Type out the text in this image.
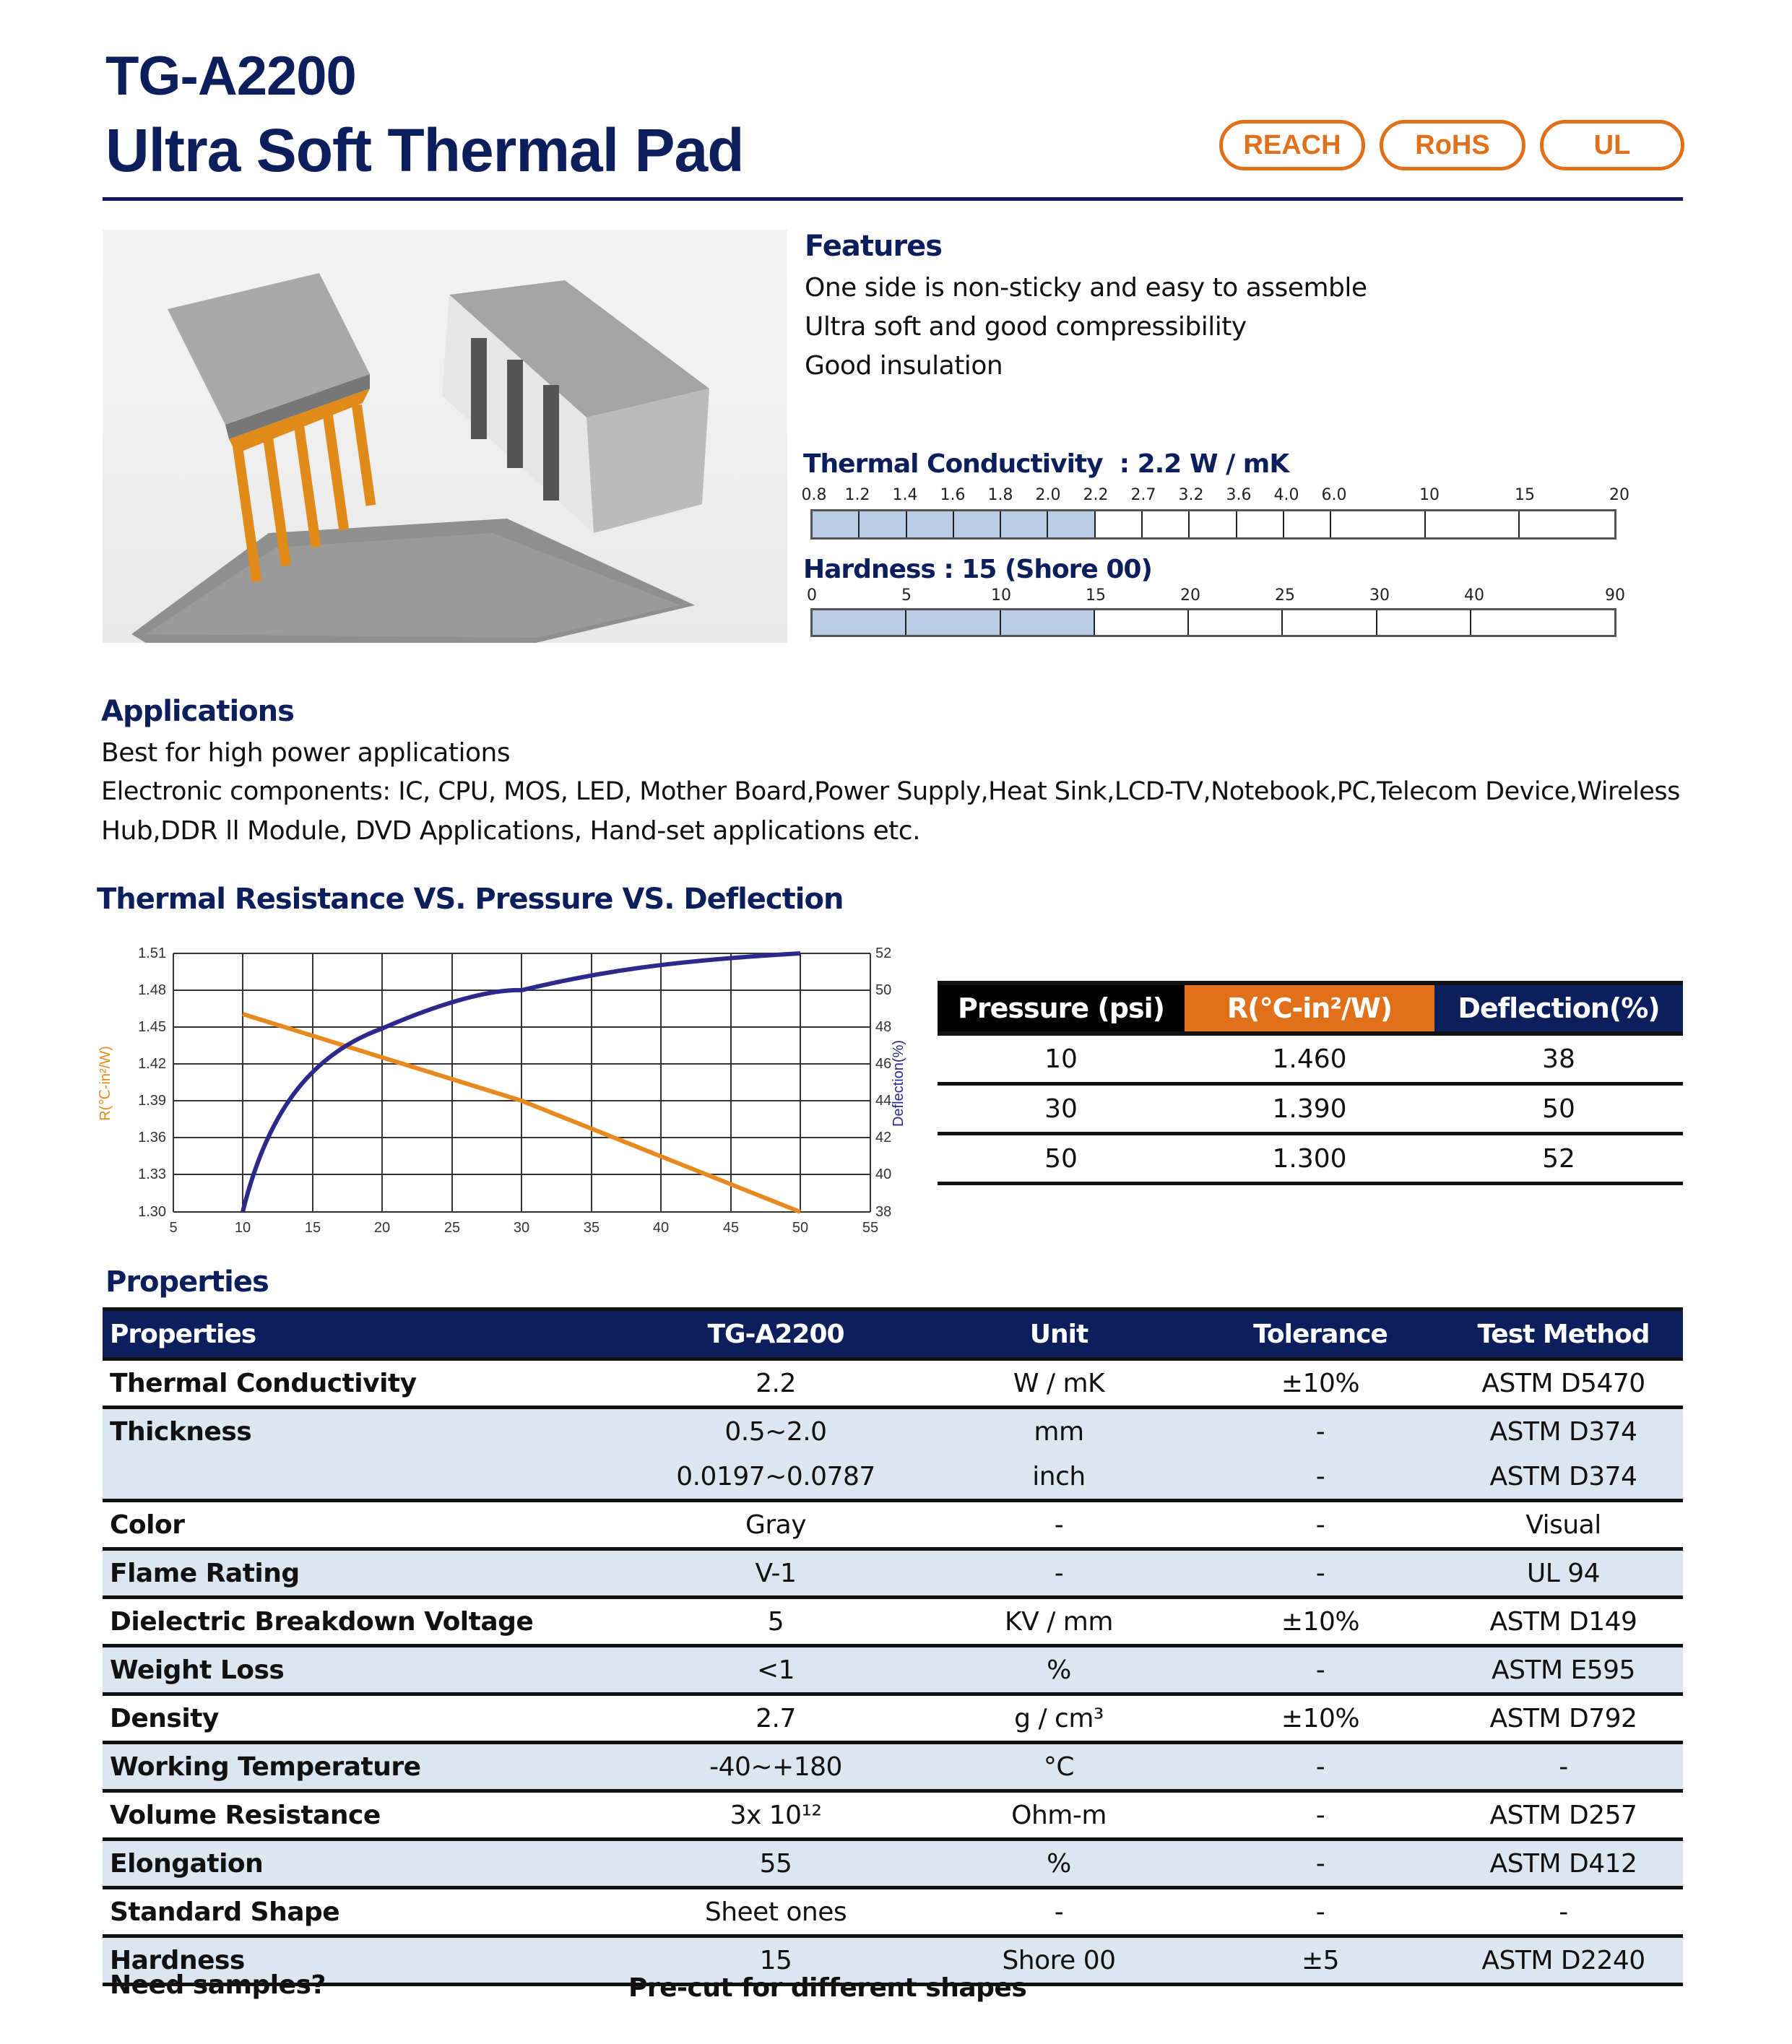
TG-A2200
Ultra Soft Thermal Pad	REACH	RoHS	UL
Features
One side is non-sticky and easy to assemble
Ultra soft and good compressibility
Good insulation
Thermal Conductivity  : 2.2 W / mK
0.8 1.2 1.4 1.6 1.8 2.0 2.2 2.7 3.2 3.6 4.0 6.0	10	15	20
Hardness : 15 (Shore 00)
0	5	10	15	20	25	30	40	90
Applications
Best for high power applications
Electronic components: IC, CPU, MOS, LED, Mother Board,Power Supply,Heat Sink,LCD-TV,Notebook,PC,Telecom Device,Wireless
Hub,DDR ll Module, DVD Applications, Hand-set applications etc.
Thermal Resistance VS. Pressure VS. Deflection
1.51
1.48
1.45
1.42
1.39
1.36
1.33
1.30
52
50
48
46
44
42
40
38
5	10	15	20	25	30	35	40	45	50	55
R(℃-in²/W)	Deflection(%)
Pressure (psi)	R(℃-in²/W)	Deflection(%)
10	1.460	38
30	1.390	50
50	1.300	52
Properties
Properties	TG-A2200	Unit	Tolerance	Test Method
Thermal Conductivity	2.2	W / mK	±10%	ASTM D5470
Thickness	0.5~2.0	mm	-	ASTM D374
	0.0197~0.0787	inch	-	ASTM D374
Color	Gray	-	-	Visual
Flame Rating	V-1	-	-	UL 94
Dielectric Breakdown Voltage	5	KV / mm	±10%	ASTM D149
Weight Loss	<1	%	-	ASTM E595
Density	2.7	g / cm³	±10%	ASTM D792
Working Temperature	-40~+180	°C	-	-
Volume Resistance	3x 10¹²	Ohm-m	-	ASTM D257
Elongation	55	%	-	ASTM D412
Standard Shape	Sheet ones	-	-	-
Hardness	15	Shore 00	±5	ASTM D2240

Need samples?	Pre-cut for different shapes
